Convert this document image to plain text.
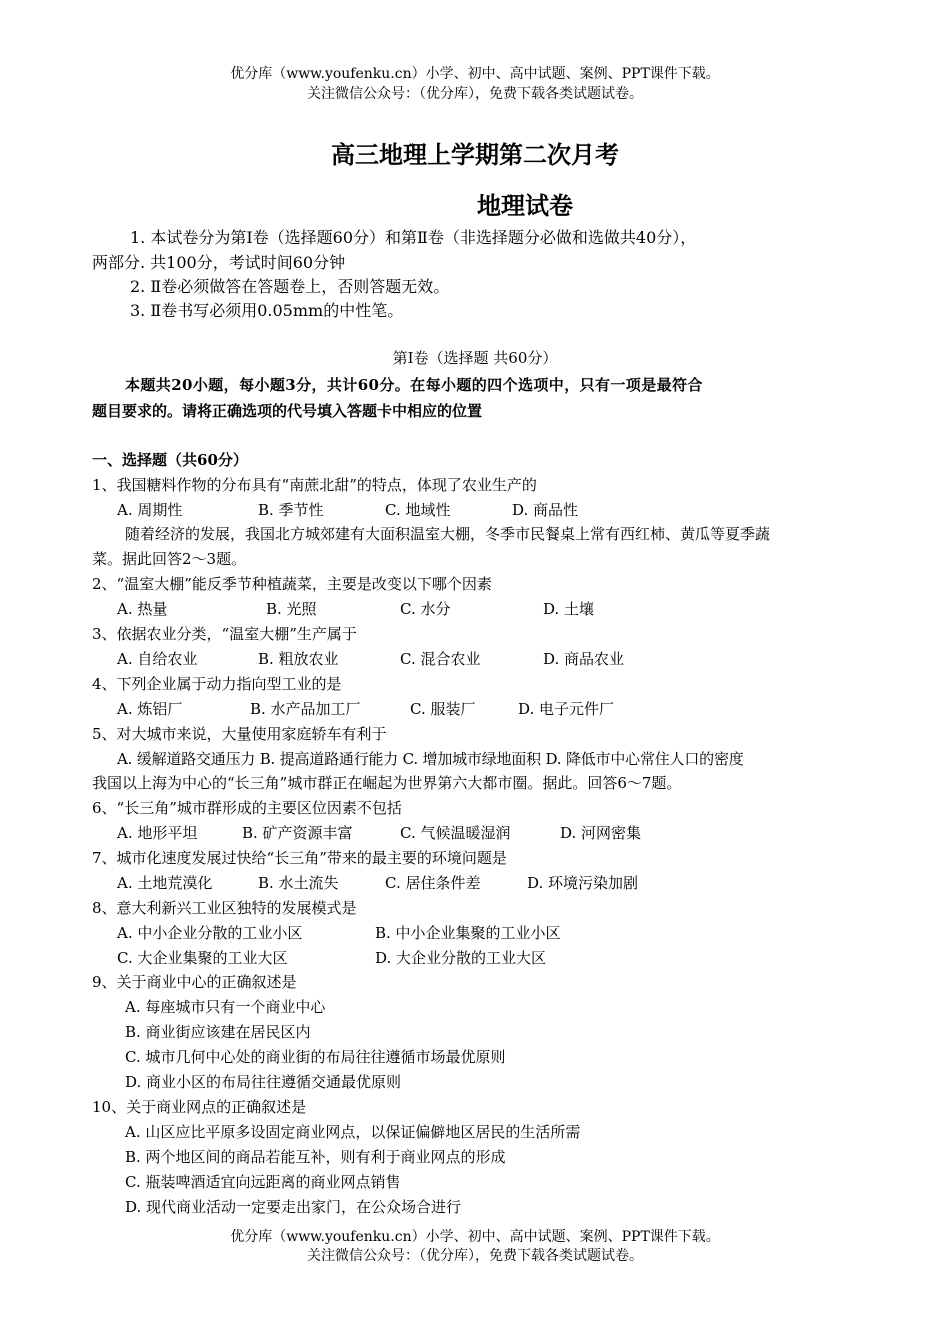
优分库（www.youfenku.cn）小学、初中、高中试题、案例、PPT课件下载。
关注微信公众号：（优分库），免费下载各类试题试卷。
高三地理上学期第二次月考
地理试卷
1. 本试卷分为第Ⅰ卷（选择题60分）和第Ⅱ卷（非选择题分必做和选做共40分），
两部分. 共100分，考试时间60分钟
2. Ⅱ卷必须做答在答题卷上，否则答题无效。
3. Ⅱ卷书写必须用0.05mm的中性笔。
第Ⅰ卷（选择题 共60分）
本题共20小题，每小题3分，共计60分。在每小题的四个选项中，只有一项是最符合
题目要求的。请将正确选项的代号填入答题卡中相应的位置
一、选择题（共60分）
1、我国糖料作物的分布具有“南蔗北甜”的特点，体现了农业生产的
A. 周期性	B. 季节性	C. 地域性	D. 商品性
随着经济的发展，我国北方城郊建有大面积温室大棚，冬季市民餐桌上常有西红柿、黄瓜等夏季蔬
菜。据此回答2～3题。
2、“温室大棚”能反季节种植蔬菜，主要是改变以下哪个因素
A. 热量	B. 光照	C. 水分	D. 土壤
3、依据农业分类，“温室大棚”生产属于
A. 自给农业	B. 粗放农业	C. 混合农业	D. 商品农业
4、下列企业属于动力指向型工业的是
A. 炼铝厂	B. 水产品加工厂	C. 服装厂	D. 电子元件厂
5、对大城市来说，大量使用家庭轿车有利于
A. 缓解道路交通压力 B. 提高道路通行能力 C. 增加城市绿地面积 D. 降低市中心常住人口的密度
我国以上海为中心的“长三角”城市群正在崛起为世界第六大都市圈。据此。回答6～7题。
6、“长三角”城市群形成的主要区位因素不包括
A. 地形平坦	B. 矿产资源丰富	C. 气候温暖湿润	D. 河网密集
7、城市化速度发展过快给“长三角”带来的最主要的环境问题是
A. 土地荒漠化	B. 水土流失	C. 居住条件差	D. 环境污染加剧
8、意大利新兴工业区独特的发展模式是
A. 中小企业分散的工业小区	B. 中小企业集聚的工业小区
C. 大企业集聚的工业大区	D. 大企业分散的工业大区
9、关于商业中心的正确叙述是
A. 每座城市只有一个商业中心
B. 商业街应该建在居民区内
C. 城市几何中心处的商业街的布局往往遵循市场最优原则
D. 商业小区的布局往往遵循交通最优原则
10、关于商业网点的正确叙述是
A. 山区应比平原多设固定商业网点，以保证偏僻地区居民的生活所需
B. 两个地区间的商品若能互补，则有利于商业网点的形成
C. 瓶装啤酒适宜向远距离的商业网点销售
D. 现代商业活动一定要走出家门，在公众场合进行
优分库（www.youfenku.cn）小学、初中、高中试题、案例、PPT课件下载。
关注微信公众号：（优分库），免费下载各类试题试卷。
